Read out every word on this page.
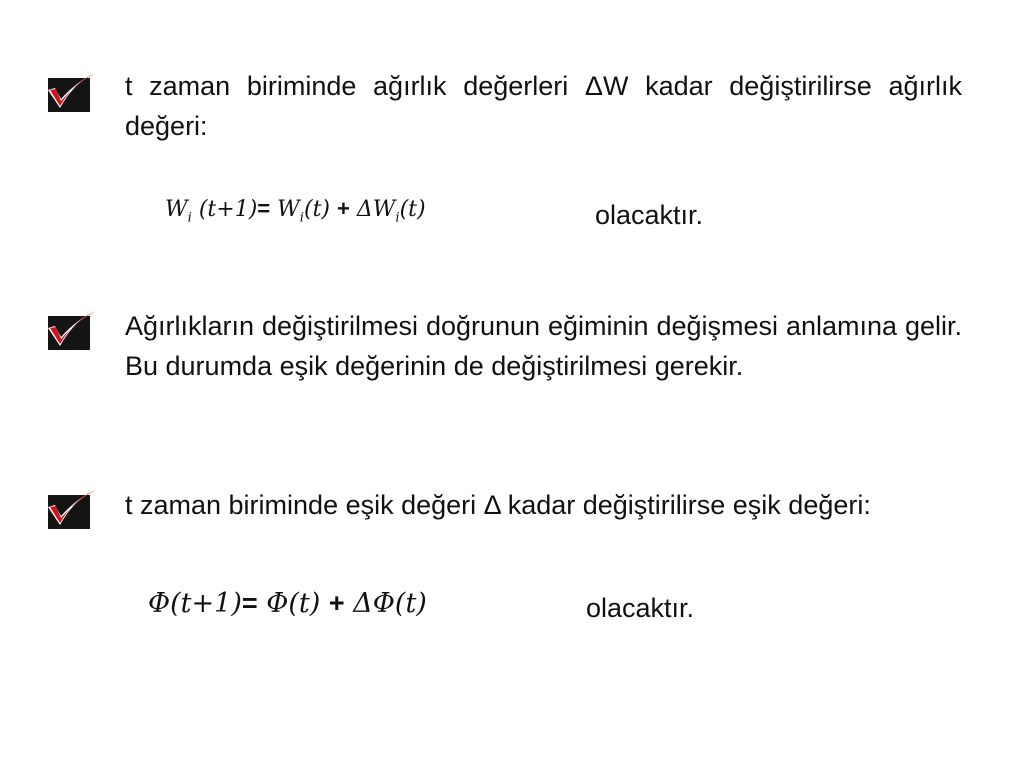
t zaman biriminde ağırlık değerleri ΔW kadar değiştirilirse ağırlık değeri:
$W_i$ $(t+1)= W_i(t) + \Delta W_i(t)$	olacaktır.
Ağırlıkların değiştirilmesi doğrunun eğiminin değişmesi anlamına gelir. Bu durumda eşik değerinin de değiştirilmesi gerekir.
t zaman biriminde eşik değeri Δ kadar değiştirilirse eşik değeri:
Φ(t+1)= Φ(t) + ΔΦ(t)	olacaktır.
